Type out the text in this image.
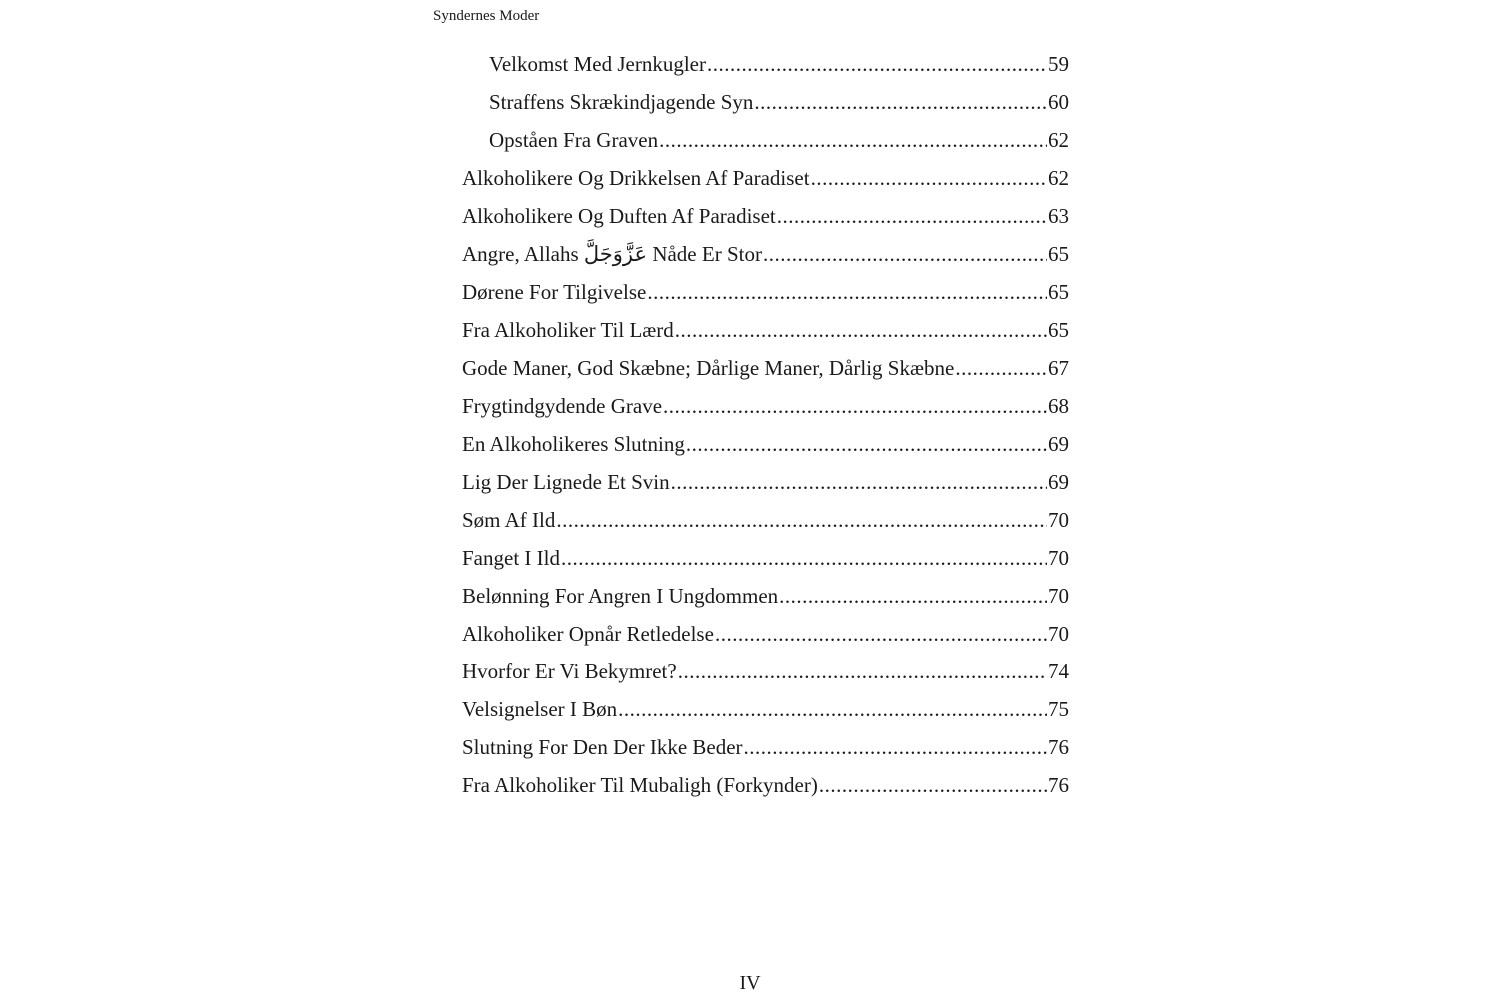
Syndernes Moder
Velkomst Med Jernkugler .....	59
Straffens Skrækindjagende Syn .....	60
Opståen Fra Graven .....	62
Alkoholikere Og Drikkelsen Af Paradiset .....	62
Alkoholikere Og Duften Af Paradiset .....	63
Angre, Allahs عَزَّوَجَلَّ Nåde Er Stor .....	65
Dørene For Tilgivelse .....	65
Fra Alkoholiker Til Lærd .....	65
Gode Maner, God Skæbne; Dårlige Maner, Dårlig Skæbne .....	67
Frygtindgydende Grave .....	68
En Alkoholikeres Slutning .....	69
Lig Der Lignede Et Svin .....	69
Søm Af Ild .....	70
Fanget I Ild .....	70
Belønning For Angren I Ungdommen .....	70
Alkoholiker Opnår Retledelse .....	70
Hvorfor Er Vi Bekymret? .....	74
Velsignelser I Bøn .....	75
Slutning For Den Der Ikke Beder .....	76
Fra Alkoholiker Til Mubaligh (Forkynder) .....	76
IV
